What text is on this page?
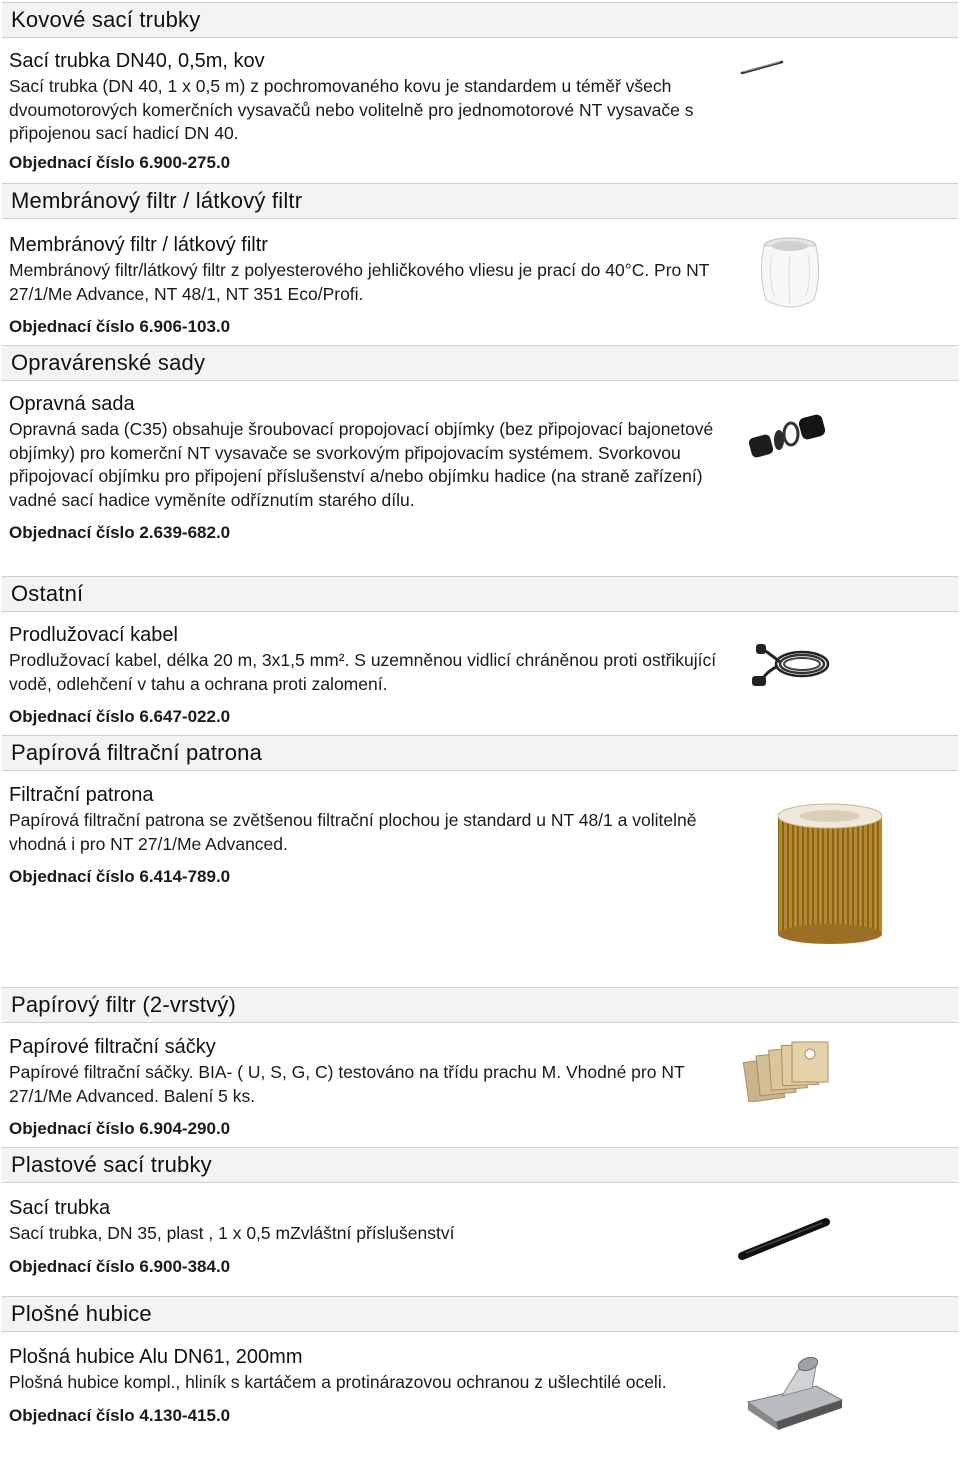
Kovové sací trubky

Sací trubka DN40, 0,5m, kov

Sací trubka (DN 40, 1 x 0,5 m) z pochromovaného kovu je standardem u téměř všech dvoumotorových komerčních vysavačů nebo volitelně pro jednomotorové NT vysavače s připojenou sací hadicí DN 40.

Objednací číslo 6.900-275.0

Membránový filtr / látkový filtr

Membránový filtr / látkový filtr

Membránový filtr/látkový filtr z polyesterového jehličkového vliesu je prací do 40°C. Pro NT 27/1/Me Advance, NT 48/1, NT 351 Eco/Profi.

Objednací číslo 6.906-103.0

Opravárenské sady

Opravná sada

Opravná sada (C35) obsahuje šroubovací propojovací objímky (bez připojovací bajonetové objímky) pro komerční NT vysavače se svorkovým připojovacím systémem. Svorkovou připojovací objímku pro připojení příslušenství a/nebo objímku hadice (na straně zařízení) vadné sací hadice vyměníte odříznutím starého dílu.

Objednací číslo 2.639-682.0

Ostatní

Prodlužovací kabel

Prodlužovací kabel, délka 20 m, 3x1,5 mm². S uzemněnou vidlicí chráněnou proti ostřikující vodě, odlehčení v tahu a ochrana proti zalomení.

Objednací číslo 6.647-022.0

Papírová filtrační patrona

Filtrační patrona

Papírová filtrační patrona se zvětšenou filtrační plochou je standard u NT 48/1 a volitelně vhodná i pro NT 27/1/Me Advanced.

Objednací číslo 6.414-789.0

Papírový filtr (2-vrstvý)

Papírové filtrační sáčky

Papírové filtrační sáčky. BIA- ( U, S, G, C) testováno na třídu prachu M. Vhodné pro NT 27/1/Me Advanced. Balení 5 ks.

Objednací číslo 6.904-290.0

Plastové sací trubky

Sací trubka

Sací trubka, DN 35, plast , 1 x 0,5 mZvláštní příslušenství

Objednací číslo 6.900-384.0

Plošné hubice

Plošná hubice Alu DN61, 200mm

Plošná hubice kompl., hliník s kartáčem a protinárazovou ochranou z ušlechtilé oceli.

Objednací číslo 4.130-415.0
